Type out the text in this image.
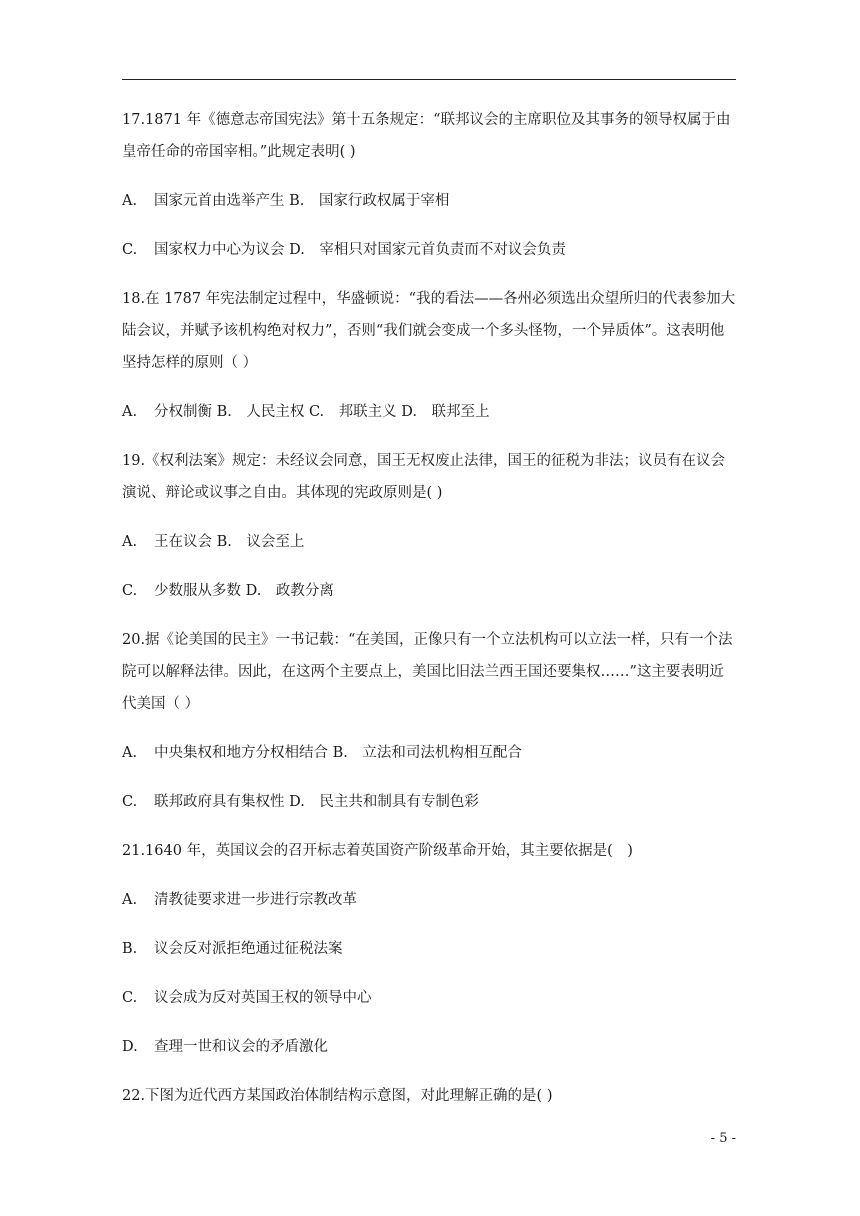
17.1871 年《德意志帝国宪法》第十五条规定：“联邦议会的主席职位及其事务的领导权属于由皇帝任命的帝国宰相。”此规定表明( )

A. 国家元首由选举产生 B.　国家行政权属于宰相

C. 国家权力中心为议会 D.　宰相只对国家元首负责而不对议会负责

18.在 1787 年宪法制定过程中，华盛顿说：“我的看法——各州必须选出众望所归的代表参加大陆会议，并赋予该机构绝对权力”，否则“我们就会变成一个多头怪物，一个异质体”。这表明他坚持怎样的原则（ ）

A. 分权制衡 B.　人民主权 C.　邦联主义 D.　联邦至上

19.《权利法案》规定：未经议会同意，国王无权废止法律，国王的征税为非法；议员有在议会演说、辩论或议事之自由。其体现的宪政原则是( )

A. 王在议会 B.　议会至上

C. 少数服从多数 D.　政教分离

20.据《论美国的民主》一书记载：“在美国，正像只有一个立法机构可以立法一样，只有一个法院可以解释法律。因此，在这两个主要点上，美国比旧法兰西王国还要集权……”这主要表明近代美国（ ）

A. 中央集权和地方分权相结合 B.　立法和司法机构相互配合

C. 联邦政府具有集权性 D.　民主共和制具有专制色彩

21.1640 年，英国议会的召开标志着英国资产阶级革命开始，其主要依据是(　)

A. 清教徒要求进一步进行宗教改革

B. 议会反对派拒绝通过征税法案

C. 议会成为反对英国王权的领导中心

D. 查理一世和议会的矛盾激化

22.下图为近代西方某国政治体制结构示意图，对此理解正确的是( )

- 5 -
